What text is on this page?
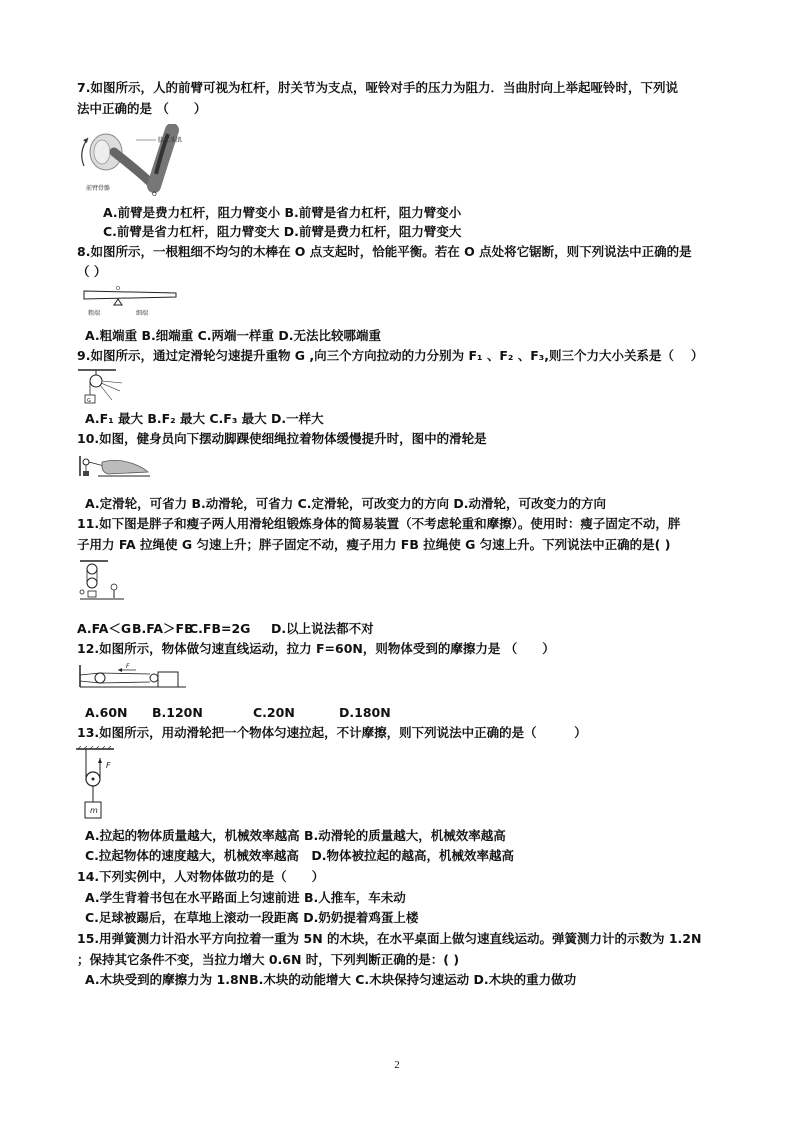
7.如图所示，人的前臂可视为杠杆，肘关节为支点，哑铃对手的压力为阻力．当曲肘向上举起哑铃时，下列说
法中正确的是 （　　）
肱二头肌
前臂骨骼
O
A.前臂是费力杠杆，阻力臂变小 B.前臂是省力杠杆，阻力臂变小
C.前臂是省力杠杆，阻力臂变大 D.前臂是费力杠杆，阻力臂变大
8.如图所示，一根粗细不均匀的木棒在 O 点支起时，恰能平衡。若在 O 点处将它锯断，则下列说法中正确的是
（ ）
O
粗端	细端
A.粗端重 B.细端重 C.两端一样重 D.无法比较哪端重
9.如图所示，通过定滑轮匀速提升重物 G ,向三个方向拉动的力分别为 F₁ 、F₂ 、F₃,则三个力大小关系是（　 ）
G
A.F₁ 最大 B.F₂ 最大 C.F₃ 最大 D.一样大
10.如图，健身员向下摆动脚踝使细绳拉着物体缓慢提升时，图中的滑轮是
A.定滑轮，可省力 B.动滑轮，可省力 C.定滑轮，可改变力的方向 D.动滑轮，可改变力的方向
11.如下图是胖子和瘦子两人用滑轮组锻炼身体的简易装置（不考虑轮重和摩擦）。使用时：瘦子固定不动，胖
子用力 FA 拉绳使 G 匀速上升；胖子固定不动，瘦子用力 FB 拉绳使 G 匀速上升。下列说法中正确的是( )
A.FA＜G B.FA＞FB
C.FB=2G D.以上说法都不对
12.如图所示，物体做匀速直线运动，拉力 F=60N，则物体受到的摩擦力是 （　　）
F
A.60N B.120N	C.20N	D.180N
13.如图所示，用动滑轮把一个物体匀速拉起，不计摩擦，则下列说法中正确的是（　　　）
m
F
A.拉起的物体质量越大，机械效率越高 B.动滑轮的质量越大，机械效率越高
C.拉起物体的速度越大，机械效率越高　D.物体被拉起的越高，机械效率越高
14.下列实例中，人对物体做功的是（　　）
A.学生背着书包在水平路面上匀速前进 B.人推车，车未动
C.足球被踢后，在草地上滚动一段距离 D.奶奶提着鸡蛋上楼
15.用弹簧测力计沿水平方向拉着一重为 5N 的木块，在水平桌面上做匀速直线运动。弹簧测力计的示数为 1.2N
；保持其它条件不变，当拉力增大 0.6N 时，下列判断正确的是：( )
A.木块受到的摩擦力为 1.8NB.木块的动能增大 C.木块保持匀速运动 D.木块的重力做功
2
